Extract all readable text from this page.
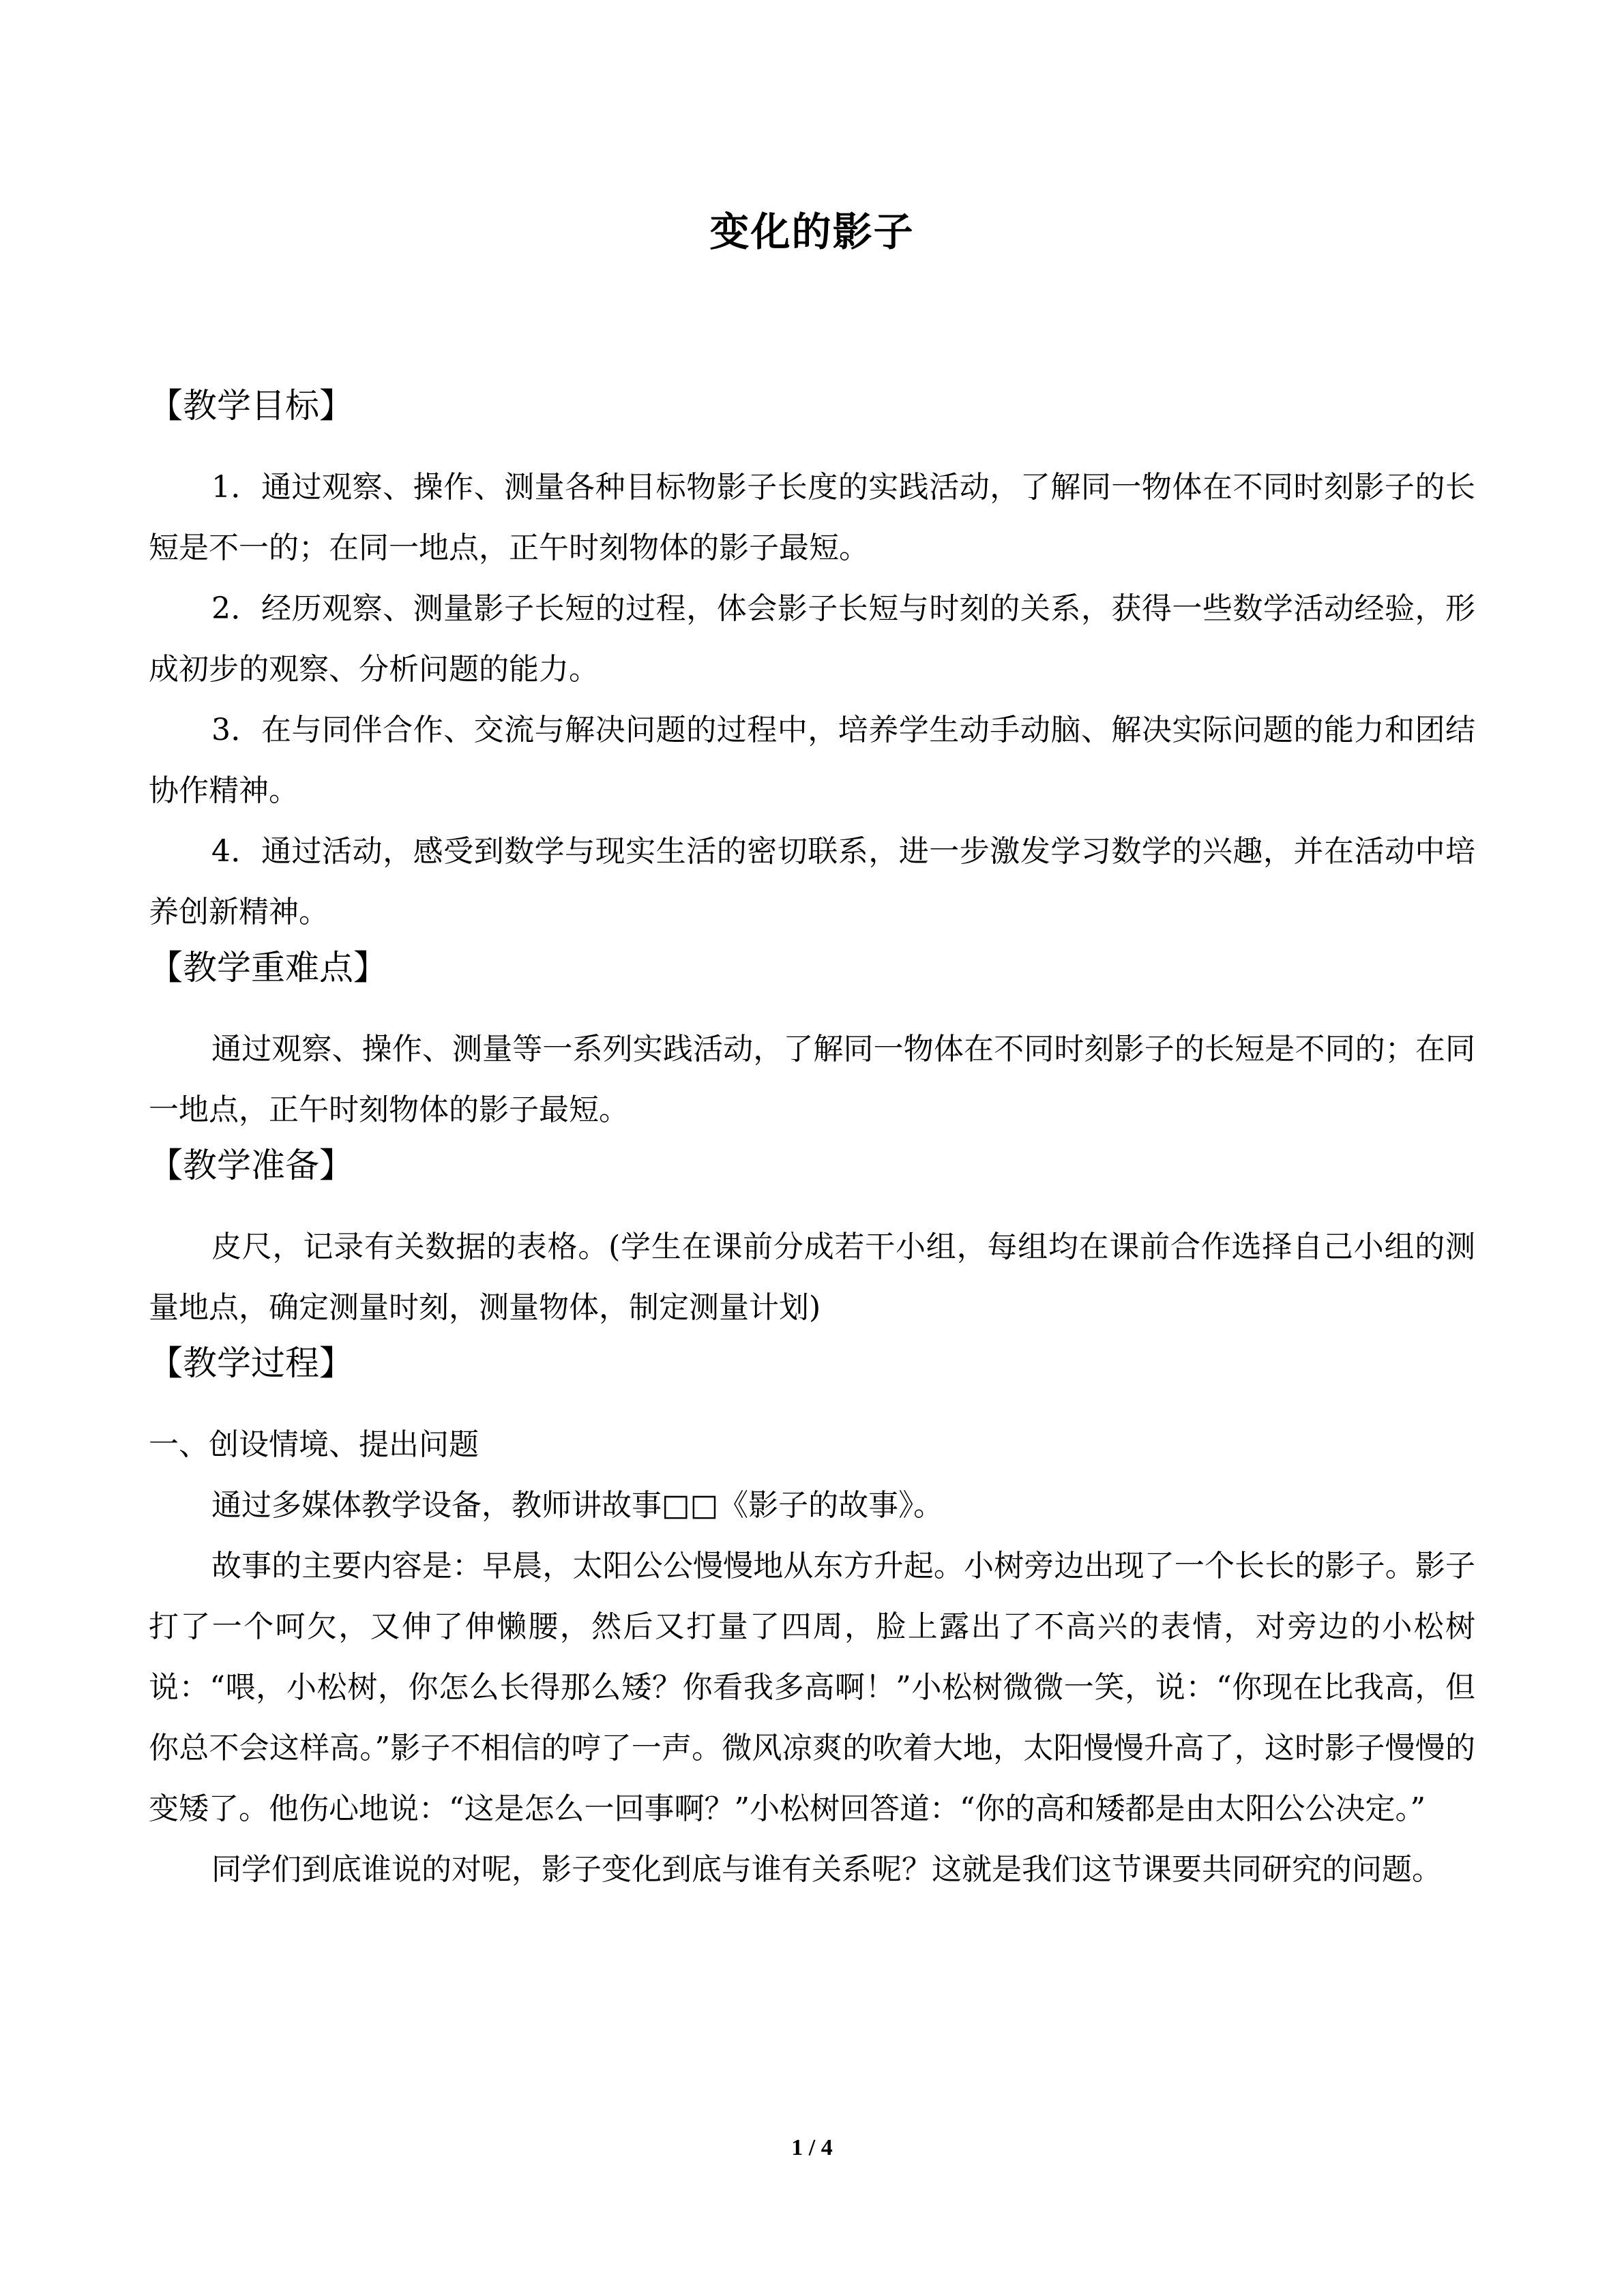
变化的影子
【教学目标】

1．通过观察、操作、测量各种目标物影子长度的实践活动，了解同一物体在不同时刻影子的长短是不一的；在同一地点，正午时刻物体的影子最短。

2．经历观察、测量影子长短的过程，体会影子长短与时刻的关系，获得一些数学活动经验，形成初步的观察、分析问题的能力。

3．在与同伴合作、交流与解决问题的过程中，培养学生动手动脑、解决实际问题的能力和团结协作精神。

4．通过活动，感受到数学与现实生活的密切联系，进一步激发学习数学的兴趣，并在活动中培养创新精神。

【教学重难点】

通过观察、操作、测量等一系列实践活动，了解同一物体在不同时刻影子的长短是不同的；在同一地点，正午时刻物体的影子最短。

【教学准备】

皮尺，记录有关数据的表格。(学生在课前分成若干小组，每组均在课前合作选择自己小组的测量地点，确定测量时刻，测量物体，制定测量计划)

【教学过程】

一、创设情境、提出问题

通过多媒体教学设备，教师讲故事□□《影子的故事》。

故事的主要内容是：早晨，太阳公公慢慢地从东方升起。小树旁边出现了一个长长的影子。影子打了一个呵欠，又伸了伸懒腰，然后又打量了四周，脸上露出了不高兴的表情，对旁边的小松树说：“喂，小松树，你怎么长得那么矮？你看我多高啊！”小松树微微一笑，说：“你现在比我高，但你总不会这样高。”影子不相信的哼了一声。微风凉爽的吹着大地，太阳慢慢升高了，这时影子慢慢的变矮了。他伤心地说：“这是怎么一回事啊？”小松树回答道：“你的高和矮都是由太阳公公决定。”

同学们到底谁说的对呢，影子变化到底与谁有关系呢？这就是我们这节课要共同研究的问题。

1 / 4
